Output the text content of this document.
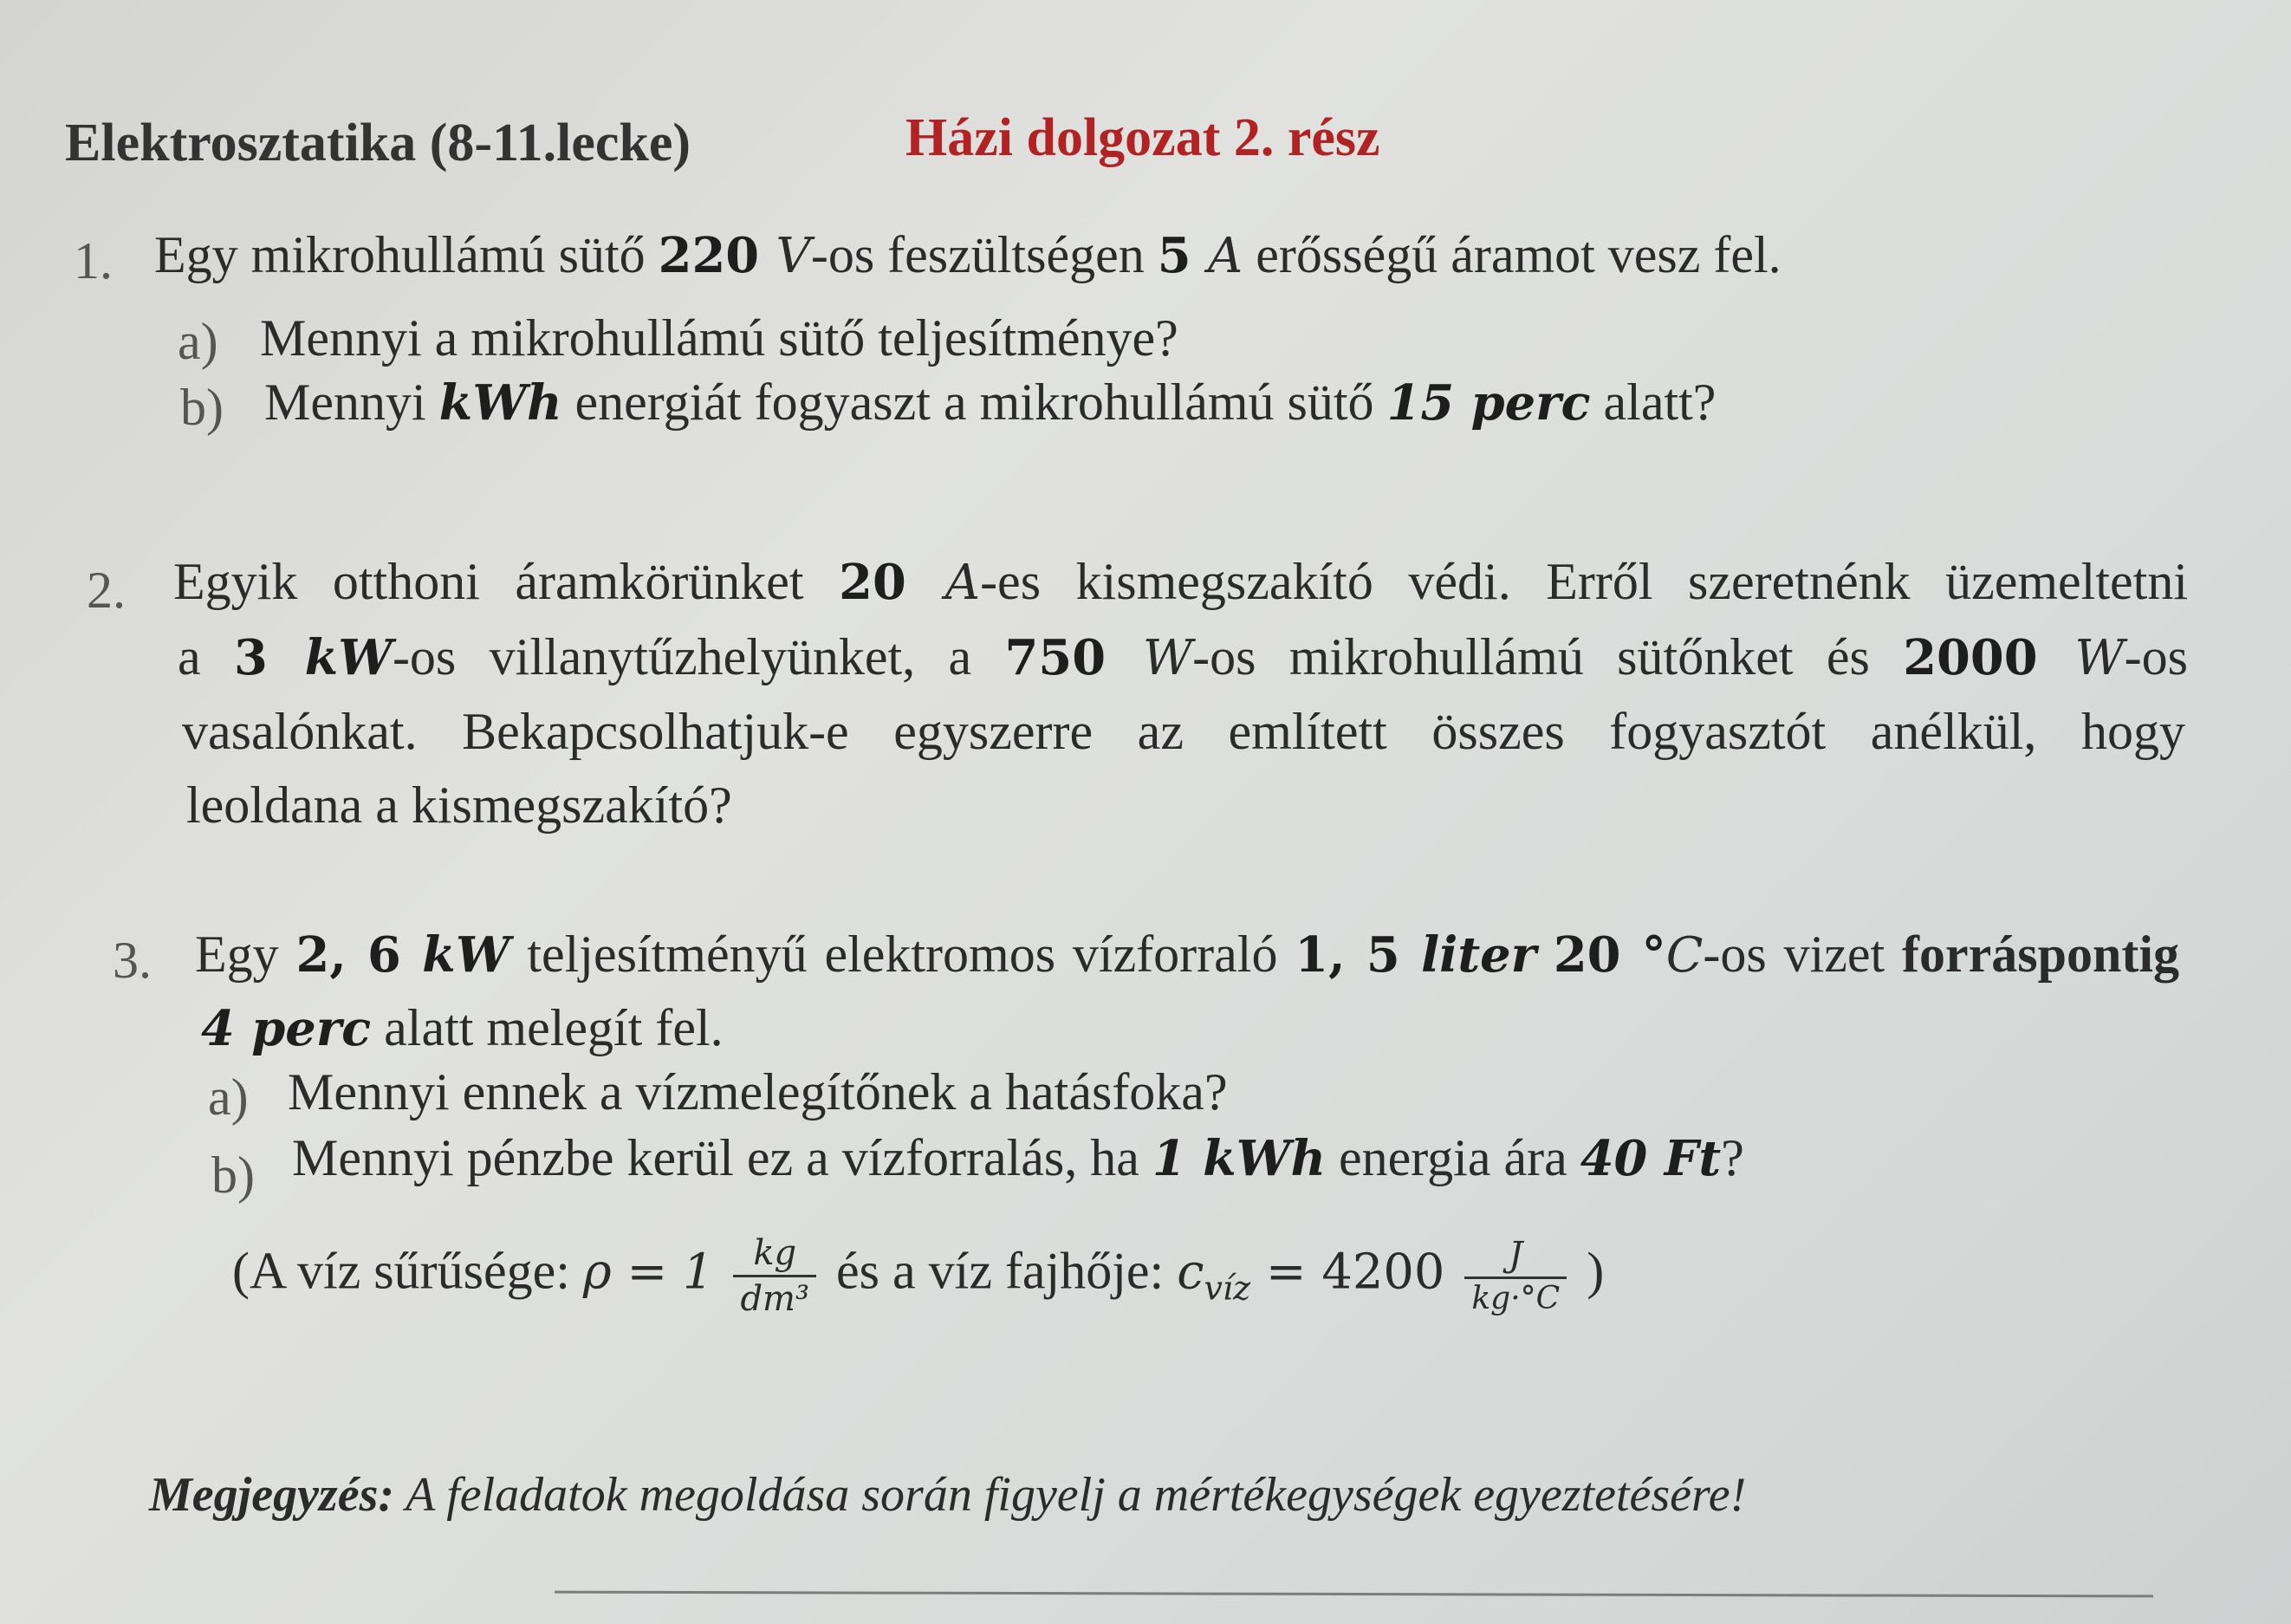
Elektrosztatika (8-11.lecke)	Házi dolgozat 2. rész
1. Egy mikrohullámú sütő 220 V-os feszültségen 5 A erősségű áramot vesz fel.
a) Mennyi a mikrohullámú sütő teljesítménye?
b) Mennyi kWh energiát fogyaszt a mikrohullámú sütő 15 perc alatt?
2. Egyik otthoni áramkörünket 20 A-es kismegszakító védi. Erről szeretnénk üzemeltetni
a 3 kW-os villanytűzhelyünket, a 750 W-os mikrohullámú sütőnket és 2000 W-os
vasalónkat. Bekapcsolhatjuk-e egyszerre az említett összes fogyasztót anélkül, hogy
leoldana a kismegszakító?
3. Egy 2, 6 kW teljesítményű elektromos vízforraló 1, 5 liter 20 °C-os vizet forráspontig
4 perc alatt melegít fel.
a) Mennyi ennek a vízmelegítőnek a hatásfoka?
b) Mennyi pénzbe kerül ez a vízforralás, ha 1 kWh energia ára 40 Ft?
(A víz sűrűsége: $\rho = 1 \frac{kg}{\text{dm³}}$ és a víz fajhője: $c_{víz} = 4200 \frac{J}{kg\cdot^\circ C}$ )
Megjegyzés: A feladatok megoldása során figyelj a mértékegységek egyeztetésére!
